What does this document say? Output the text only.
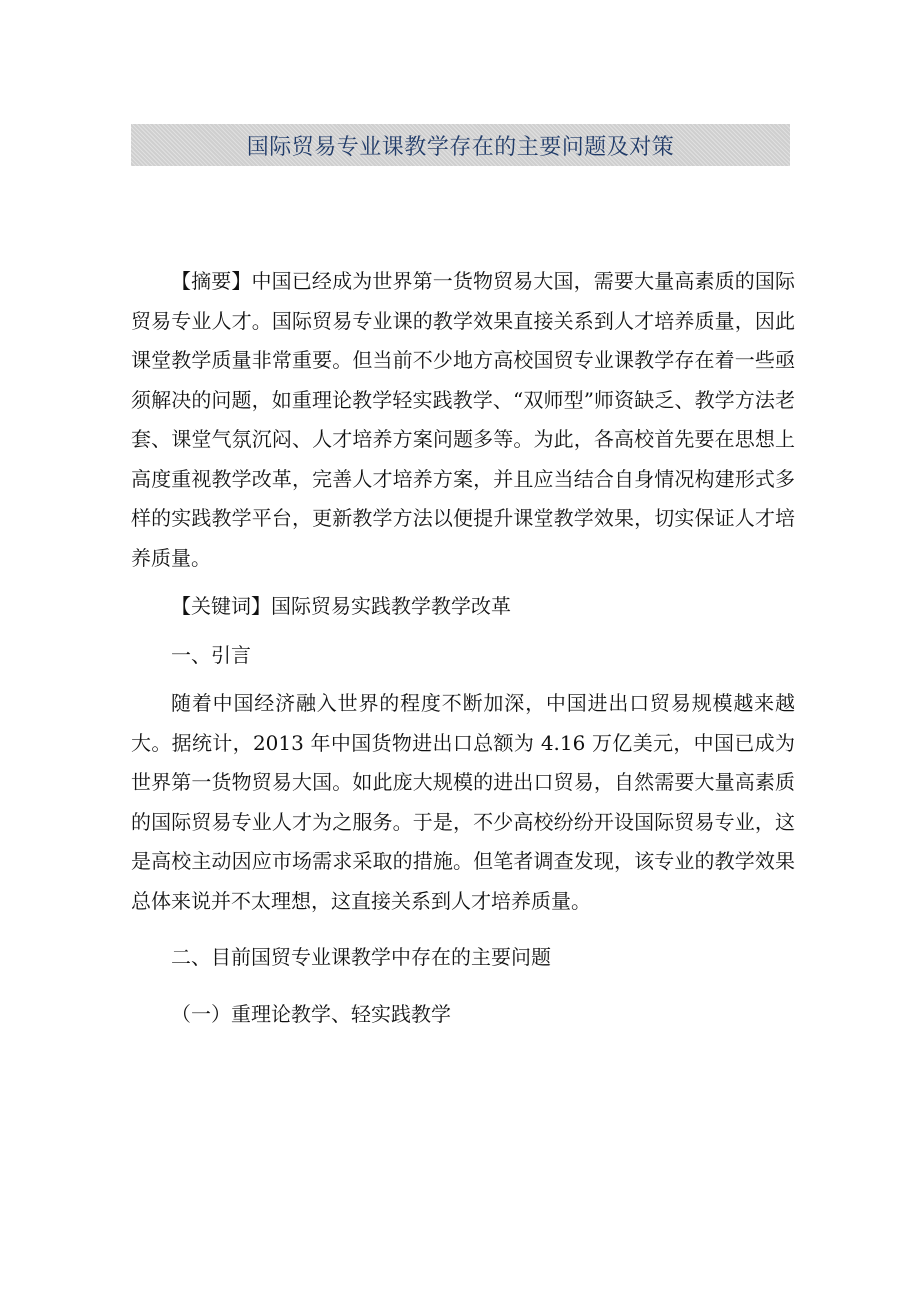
国际贸易专业课教学存在的主要问题及对策

【摘要】中国已经成为世界第一货物贸易大国，需要大量高素质的国际贸易专业人才。国际贸易专业课的教学效果直接关系到人才培养质量，因此课堂教学质量非常重要。但当前不少地方高校国贸专业课教学存在着一些亟须解决的问题，如重理论教学轻实践教学、“双师型”师资缺乏、教学方法老套、课堂气氛沉闷、人才培养方案问题多等。为此，各高校首先要在思想上高度重视教学改革，完善人才培养方案，并且应当结合自身情况构建形式多样的实践教学平台，更新教学方法以便提升课堂教学效果，切实保证人才培养质量。

【关键词】国际贸易实践教学教学改革

一、引言

随着中国经济融入世界的程度不断加深，中国进出口贸易规模越来越大。据统计，2013 年中国货物进出口总额为 4.16 万亿美元，中国已成为世界第一货物贸易大国。如此庞大规模的进出口贸易，自然需要大量高素质的国际贸易专业人才为之服务。于是，不少高校纷纷开设国际贸易专业，这是高校主动因应市场需求采取的措施。但笔者调查发现，该专业的教学效果总体来说并不太理想，这直接关系到人才培养质量。

二、目前国贸专业课教学中存在的主要问题

（一）重理论教学、轻实践教学
